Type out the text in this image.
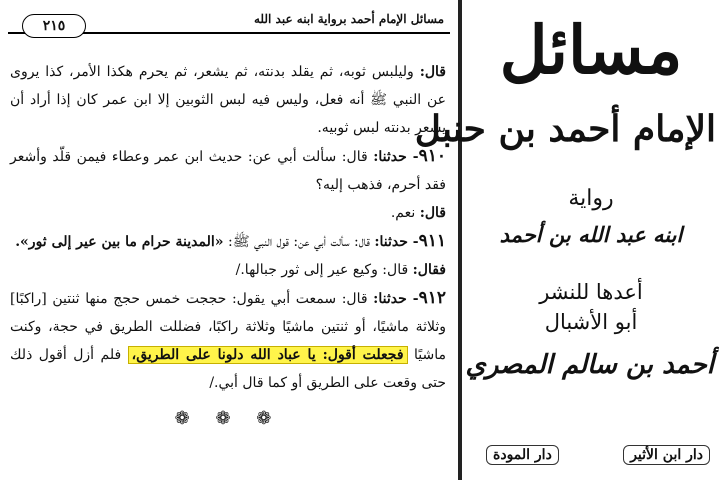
٢١٥	مسائل الإمام أحمد برواية ابنه عبد الله

قال: وليلبس ثوبه، ثم يقلد بدنته، ثم يشعر، ثم يحرم هكذا الأمر، كذا يروى عن النبي ﷺ أنه فعل، وليس فيه لبس الثوبين إلا ابن عمر كان إذا أراد أن يشعر بدنته لبس ثوبيه.

٩١٠- حدثنا: قال: سألت أبي عن: حديث ابن عمر وعطاء فيمن قلّد وأشعر فقد أحرم، فذهب إليه؟

قال: نعم.

٩١١- حدثنا: قال: سألت أبي عن: قول النبي ﷺ: «المدينة حرام ما بين عير إلى ثور».

فقال: قال: وكيع عير إلى ثور جبالها./

٩١٢- حدثنا: قال: سمعت أبي يقول: حججت خمس حجج منها ثنتين [راكبًا] وثلاثة ماشيًا، أو ثنتين ماشيًا وثلاثة راكبًا، فضللت الطريق في حجة، وكنت ماشيًا فجعلت أقول: يا عباد الله دلونا على الطريق، فلم أزل أقول ذلك حتى وقعت على الطريق أو كما قال أبي./

❁ ❁ ❁
مسائل
الإمام أحمد بن حنبل
رواية
ابنه عبد الله بن أحمد
أعدها للنشر
أبو الأشبال
أحمد بن سالم المصري
دار المودة	دار ابن الأثير
